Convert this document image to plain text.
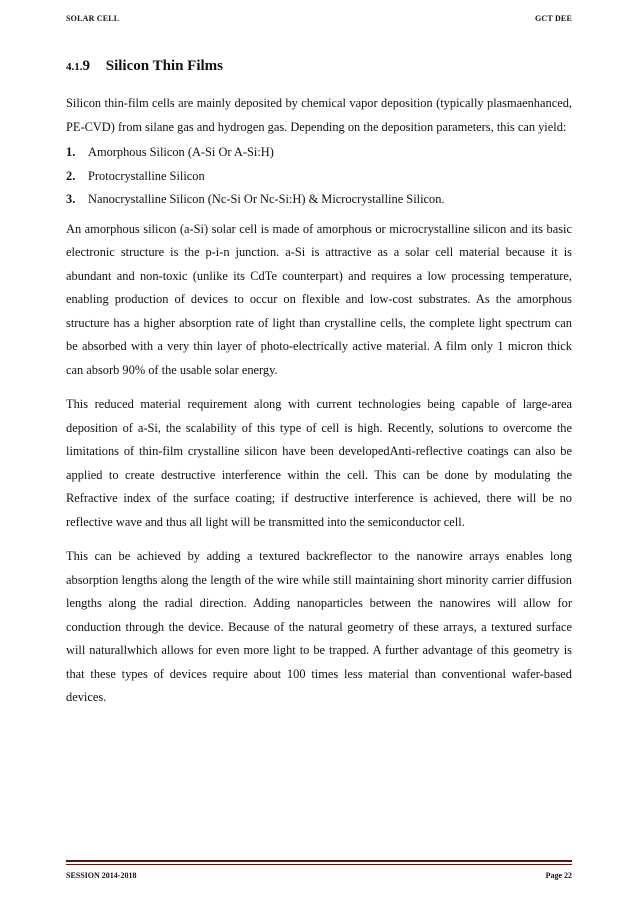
SOLAR CELL	GCT DEE
4.1.9 Silicon Thin Films

Silicon thin-film cells are mainly deposited by chemical vapor deposition (typically plasmaenhanced, PE-CVD) from silane gas and hydrogen gas. Depending on the deposition parameters, this can yield:

1. Amorphous Silicon (A-Si Or A-Si:H)
2. Protocrystalline Silicon
3. Nanocrystalline Silicon (Nc-Si Or Nc-Si:H) & Microcrystalline Silicon.

An amorphous silicon (a-Si) solar cell is made of amorphous or microcrystalline silicon and its basic electronic structure is the p-i-n junction. a-Si is attractive as a solar cell material because it is abundant and non-toxic (unlike its CdTe counterpart) and requires a low processing temperature, enabling production of devices to occur on flexible and low-cost substrates. As the amorphous structure has a higher absorption rate of light than crystalline cells, the complete light spectrum can be absorbed with a very thin layer of photo-electrically active material. A film only 1 micron thick can absorb 90% of the usable solar energy.

This reduced material requirement along with current technologies being capable of large-area deposition of a-Si, the scalability of this type of cell is high. Recently, solutions to overcome the limitations of thin-film crystalline silicon have been developedAnti-reflective coatings can also be applied to create destructive interference within the cell. This can be done by modulating the Refractive index of the surface coating; if destructive interference is achieved, there will be no reflective wave and thus all light will be transmitted into the semiconductor cell.

This can be achieved by adding a textured backreflector to the nanowire arrays enables long absorption lengths along the length of the wire while still maintaining short minority carrier diffusion lengths along the radial direction. Adding nanoparticles between the nanowires will allow for conduction through the device. Because of the natural geometry of these arrays, a textured surface will naturallwhich allows for even more light to be trapped. A further advantage of this geometry is that these types of devices require about 100 times less material than conventional wafer-based devices.

SESSION 2014-2018	Page 22
